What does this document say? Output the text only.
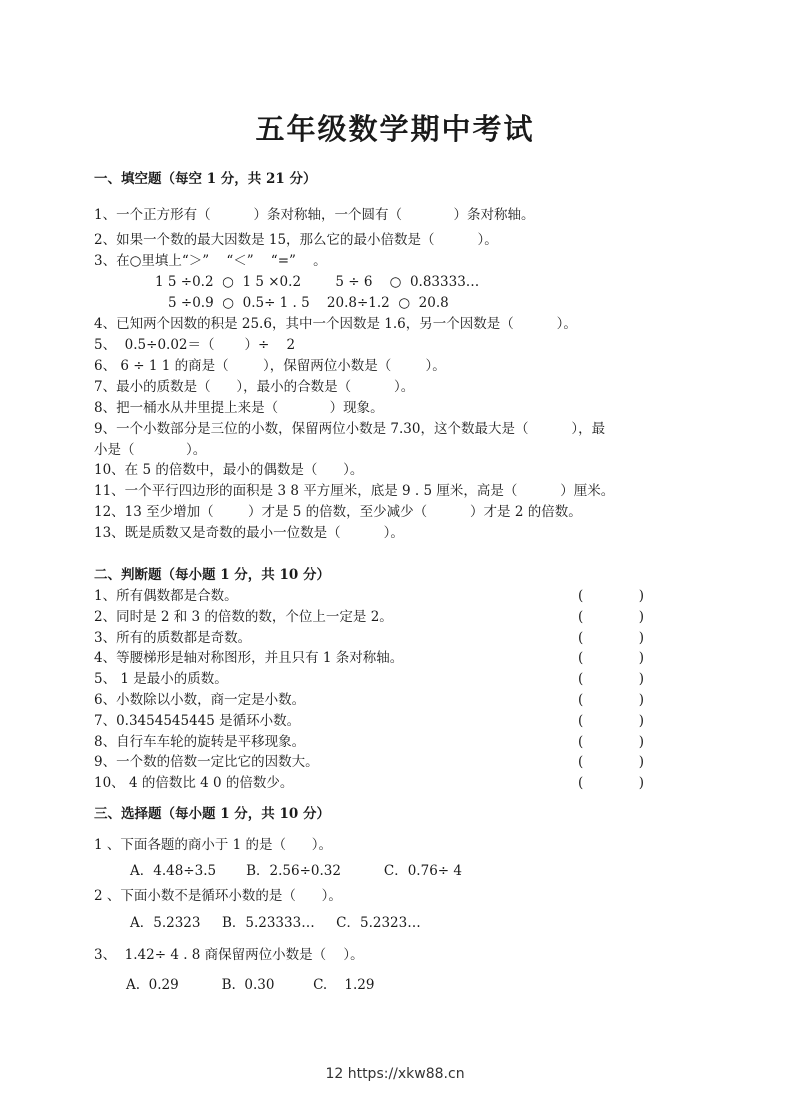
五年级数学期中考试
一、填空题（每空 1 分，共 21 分）
1、一个正方形有（          ）条对称轴，一个圆有（            ）条对称轴。
2、如果一个数的最大因数是 15，那么它的最小倍数是（          ）。
3、在○里填上“＞”    “＜”    “=”    。
1 5 ÷0.2  ○  1 5 ×0.2        5 ÷ 6    ○  0.83333…
5 ÷0.9  ○  0.5÷ 1 . 5    20.8÷1.2  ○  20.8
4、已知两个因数的积是 25.6，其中一个因数是 1.6，另一个因数是（          ）。
5、  0.5÷0.02＝（       ）÷    2
6、 6 ÷ 1 1 的商是（        ），保留两位小数是（        ）。
7、最小的质数是（      ），最小的合数是（          ）。
8、把一桶水从井里提上来是（            ）现象。
9、一个小数部分是三位的小数，保留两位小数是 7.30，这个数最大是（          ），最
小是（            ）。
10、在 5 的倍数中，最小的偶数是（      ）。
11、一个平行四边形的面积是 3 8 平方厘米，底是 9 . 5 厘米，高是（          ）厘米。
12、13 至少增加（        ）才是 5 的倍数，至少减少（          ）才是 2 的倍数。
13、既是质数又是奇数的最小一位数是（          ）。
二、判断题（每小题 1 分，共 10 分）
1、所有偶数都是合数。	(	)
2、同时是 2 和 3 的倍数的数，个位上一定是 2。	(	)
3、所有的质数都是奇数。	(	)
4、等腰梯形是轴对称图形，并且只有 1 条对称轴。	(	)
5、 1 是最小的质数。	(	)
6、小数除以小数，商一定是小数。	(	)
7、0.3454545445 是循环小数。	(	)
8、自行车车轮的旋转是平移现象。	(	)
9、一个数的倍数一定比它的因数大。	(	)
10、 4 的倍数比 4 0 的倍数少。	(	)
三、选择题（每小题 1 分，共 10 分）
1 、下面各题的商小于 1 的是（      ）。
A．4.48÷3.5       B．2.56÷0.32          C．0.76÷ 4
2 、下面小数不是循环小数的是（      ）。
A．5.2323     B．5.23333…     C．5.2323…
3、  1.42÷ 4 . 8 商保留两位小数是（    ）。
A.  0.29          B.  0.30         C.    1.29
12 https://xkw88.cn
